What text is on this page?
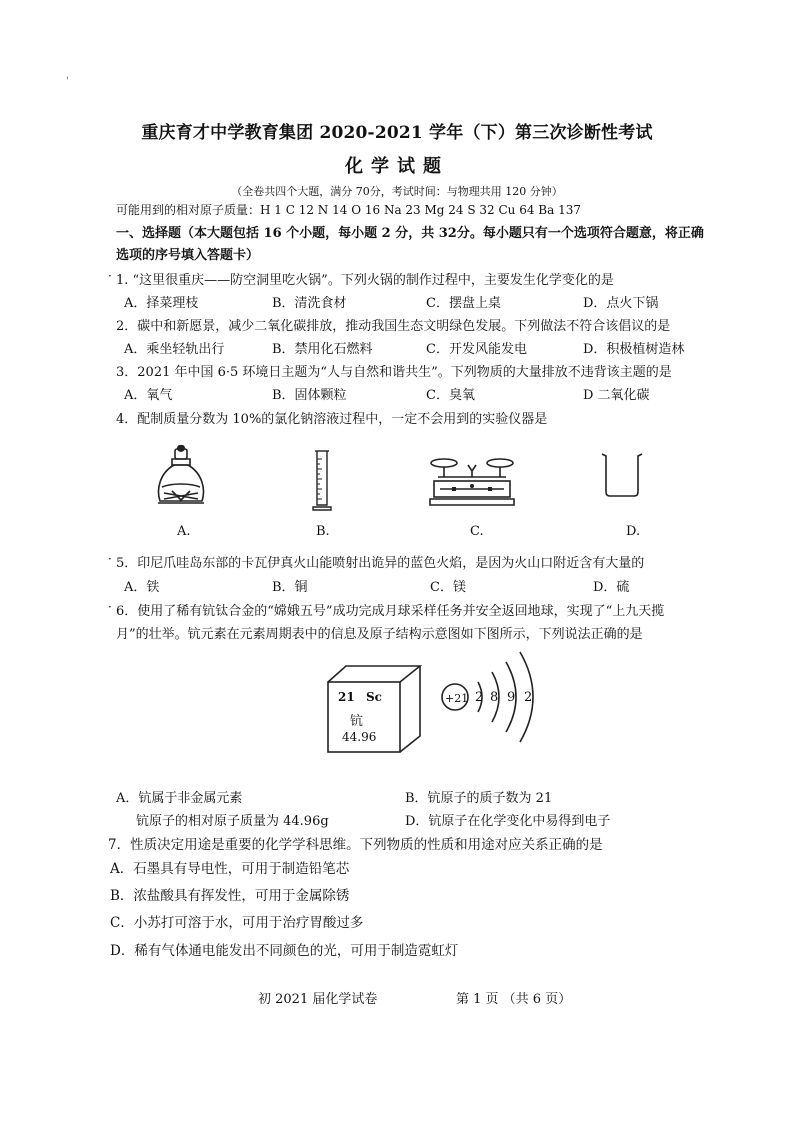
'
重庆育才中学教育集团 2020-2021 学年（下）第三次诊断性考试
化学试题
（全卷共四个大题，满分 70分，考试时间：与物理共用 120 分钟）
可能用到的相对原子质量：H 1 C 12 N 14 O 16 Na 23 Mg 24 S 32 Cu 64 Ba 137
一、选择题（本大题包括 16 个小题，每小题 2 分，共 32分。每小题只有一个选项符合题意，将正确选项的序号填入答题卡）
· 1. “这里很重庆——防空洞里吃火锅”。下列火锅的制作过程中，主要发生化学变化的是
A．择菜理枝	B．清洗食材	C．摆盘上桌	D．点火下锅
2．碳中和新愿景，减少二氧化碳排放，推动我国生态文明绿色发展。下列做法不符合该倡议的是
A．乘坐轻轨出行	B．禁用化石燃料	C．开发风能发电	D．积极植树造林
3．2021 年中国 6·5 环境日主题为“人与自然和谐共生”。下列物质的大量排放不违背该主题的是
A．氧气	B．固体颗粒	C．臭氧	D 二氧化碳
4．配制质量分数为 10%的氯化钠溶液过程中，一定不会用到的实验仪器是
A.	B.	C.	D.
· 5．印尼爪哇岛东部的卡瓦伊真火山能喷射出诡异的蓝色火焰，是因为火山口附近含有大量的
A．铁	B．铜	C．镁	D．硫
· 6．使用了稀有钪钛合金的“嫦娥五号”成功完成月球采样任务并安全返回地球，实现了“上九天揽月”的壮举。钪元素在元素周期表中的信息及原子结构示意图如下图所示，下列说法正确的是
21 Sc
钪
44.96
+21 2 8 9 2
A．钪属于非金属元素	B．钪原子的质子数为 21
钪原子的相对原子质量为 44.96g	D．钪原子在化学变化中易得到电子
7．性质决定用途是重要的化学学科思维。下列物质的性质和用途对应关系正确的是
A．石墨具有导电性，可用于制造铅笔芯
B．浓盐酸具有挥发性，可用于金属除锈
C．小苏打可溶于水，可用于治疗胃酸过多
D．稀有气体通电能发出不同颜色的光，可用于制造霓虹灯
初 2021 届化学试卷	第 1 页 （共 6 页）
